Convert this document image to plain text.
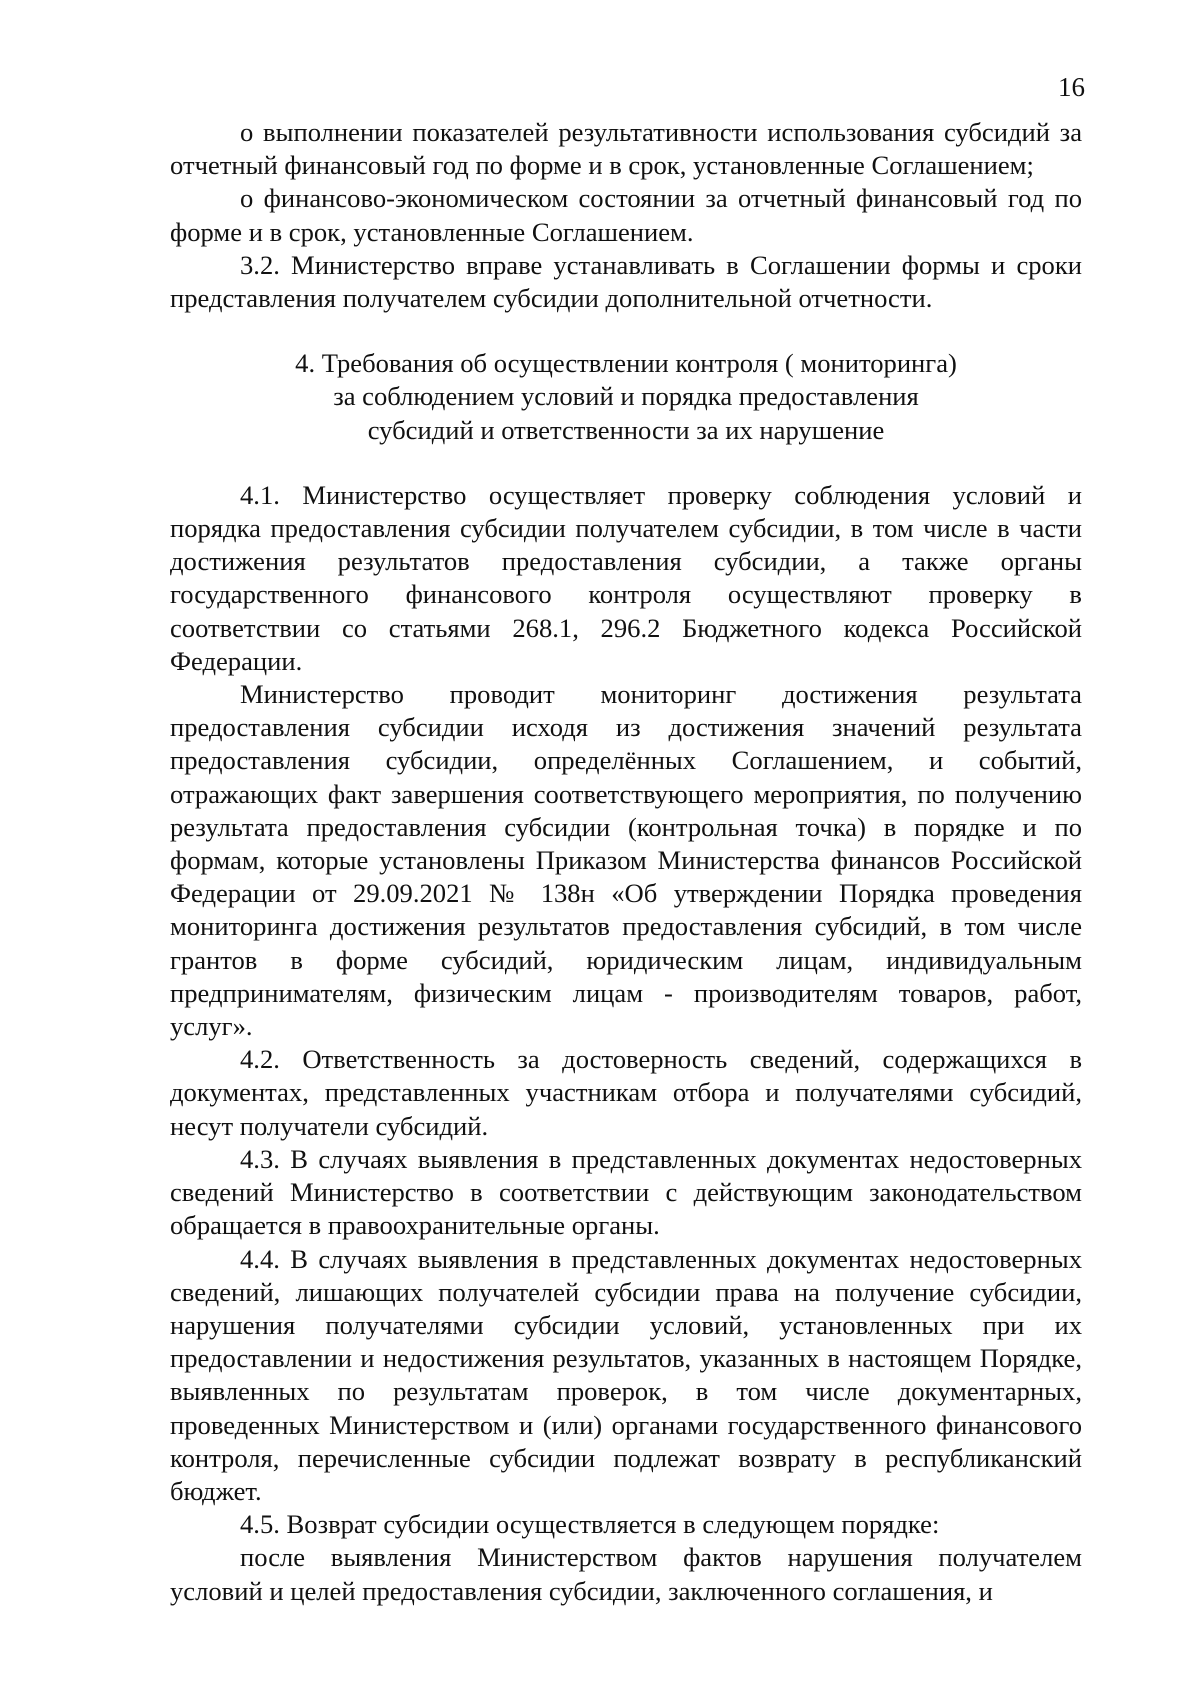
16

о выполнении показателей результативности использования субсидий за отчетный финансовый год по форме и в срок, установленные Соглашением;

о финансово-экономическом состоянии за отчетный финансовый год по форме и в срок, установленные Соглашением.

3.2. Министерство вправе устанавливать в Соглашении формы и сроки представления получателем субсидии дополнительной отчетности.

4. Требования об осуществлении контроля ( мониторинга)
за соблюдением условий и порядка предоставления
субсидий и ответственности за их нарушение

4.1. Министерство осуществляет проверку соблюдения условий и порядка предоставления субсидии получателем субсидии, в том числе в части достижения результатов предоставления субсидии, а также органы государственного финансового контроля осуществляют проверку в соответствии со статьями 268.1, 296.2 Бюджетного кодекса Российской Федерации.

Министерство проводит мониторинг достижения результата предоставления субсидии исходя из достижения значений результата предоставления субсидии, определённых Соглашением, и событий, отражающих факт завершения соответствующего мероприятия, по получению результата предоставления субсидии (контрольная точка) в порядке и по формам, которые установлены Приказом Министерства финансов Российской Федерации от 29.09.2021 № 138н «Об утверждении Порядка проведения мониторинга достижения результатов предоставления субсидий, в том числе грантов в форме субсидий, юридическим лицам, индивидуальным предпринимателям, физическим лицам - производителям товаров, работ, услуг».

4.2. Ответственность за достоверность сведений, содержащихся в документах, представленных участникам отбора и получателями субсидий, несут получатели субсидий.

4.3. В случаях выявления в представленных документах недостоверных сведений Министерство в соответствии с действующим законодательством обращается в правоохранительные органы.

4.4. В случаях выявления в представленных документах недостоверных сведений, лишающих получателей субсидии права на получение субсидии, нарушения получателями субсидии условий, установленных при их предоставлении и недостижения результатов, указанных в настоящем Порядке, выявленных по результатам проверок, в том числе документарных, проведенных Министерством и (или) органами государственного финансового контроля, перечисленные субсидии подлежат возврату в республиканский бюджет.

4.5. Возврат субсидии осуществляется в следующем порядке:

после выявления Министерством фактов нарушения получателем условий и целей предоставления субсидии, заключенного соглашения, и
